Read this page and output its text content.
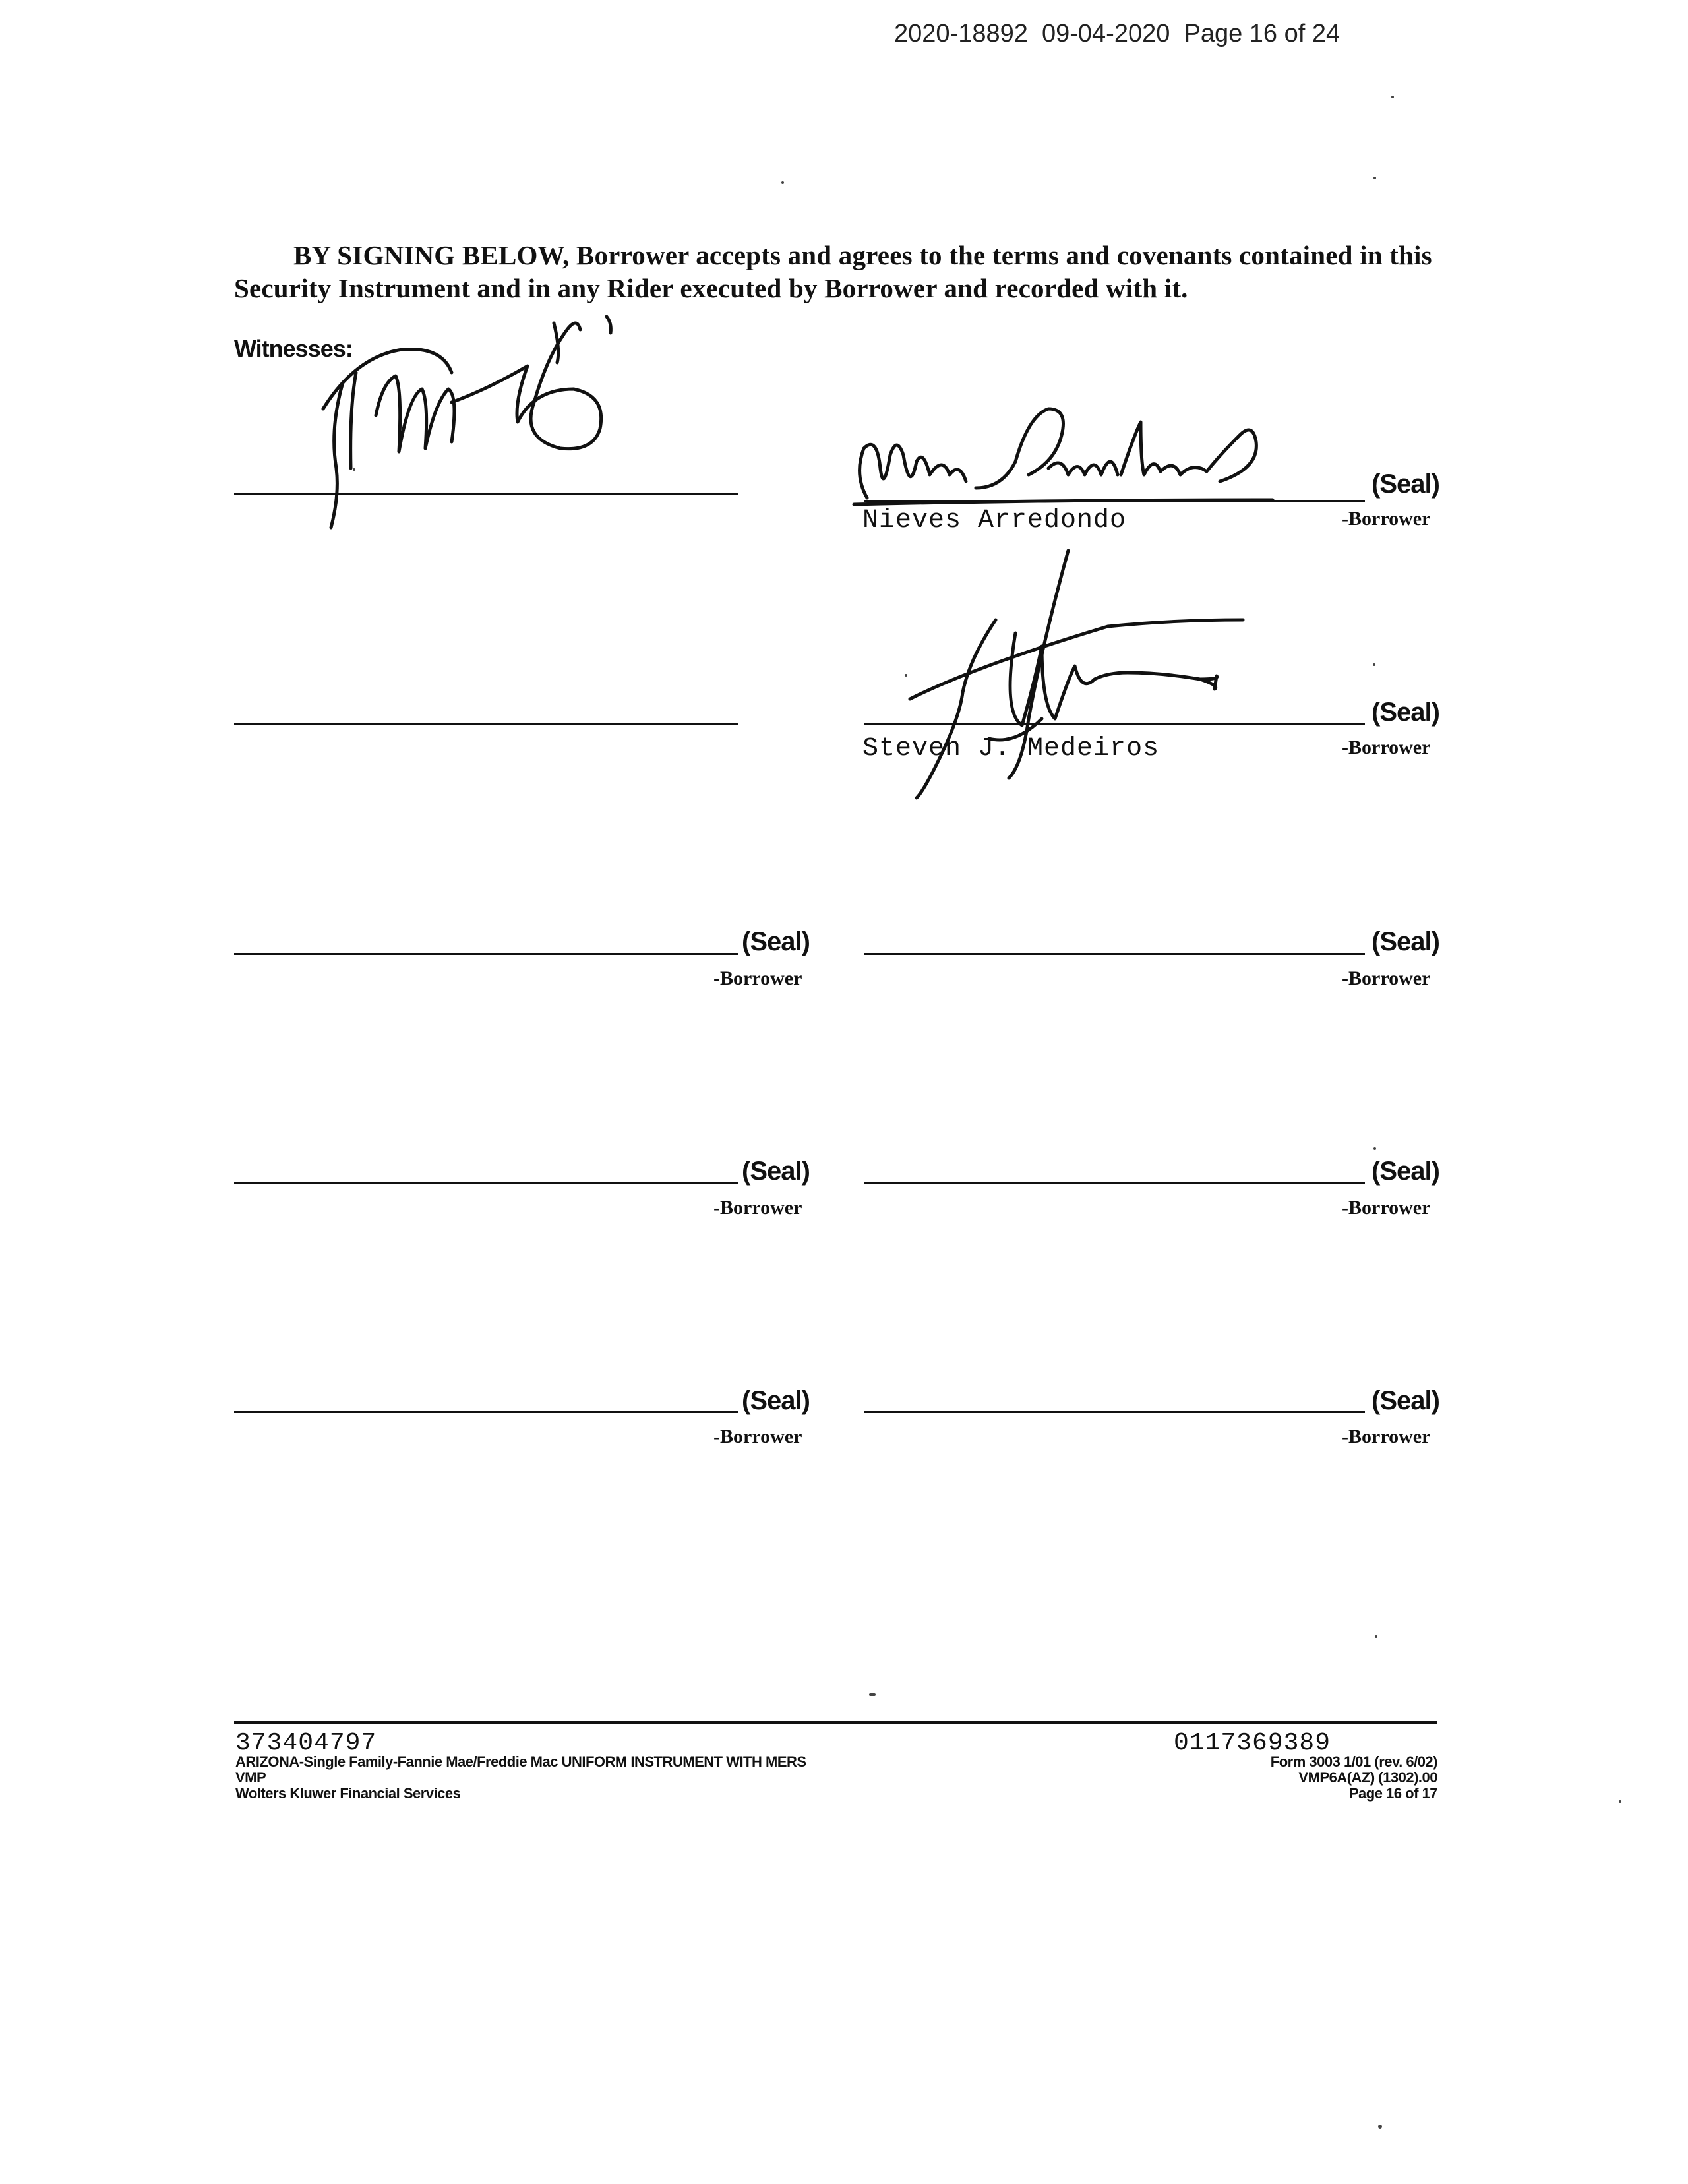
2020-18892  09-04-2020  Page 16 of 24
BY SIGNING BELOW, Borrower accepts and agrees to the terms and covenants contained in this Security Instrument and in any Rider executed by Borrower and recorded with it.
Witnesses:
(Seal)
Nieves Arredondo	-Borrower
(Seal)
Steven J. Medeiros	-Borrower
(Seal)
-Borrower
(Seal)
-Borrower
(Seal)
-Borrower
(Seal)
-Borrower
(Seal)
-Borrower
(Seal)
-Borrower
373404797
ARIZONA-Single Family-Fannie Mae/Freddie Mac UNIFORM INSTRUMENT WITH MERS
VMP
Wolters Kluwer Financial Services
0117369389
Form 3003 1/01 (rev. 6/02)
VMP6A(AZ) (1302).00
Page 16 of 17
